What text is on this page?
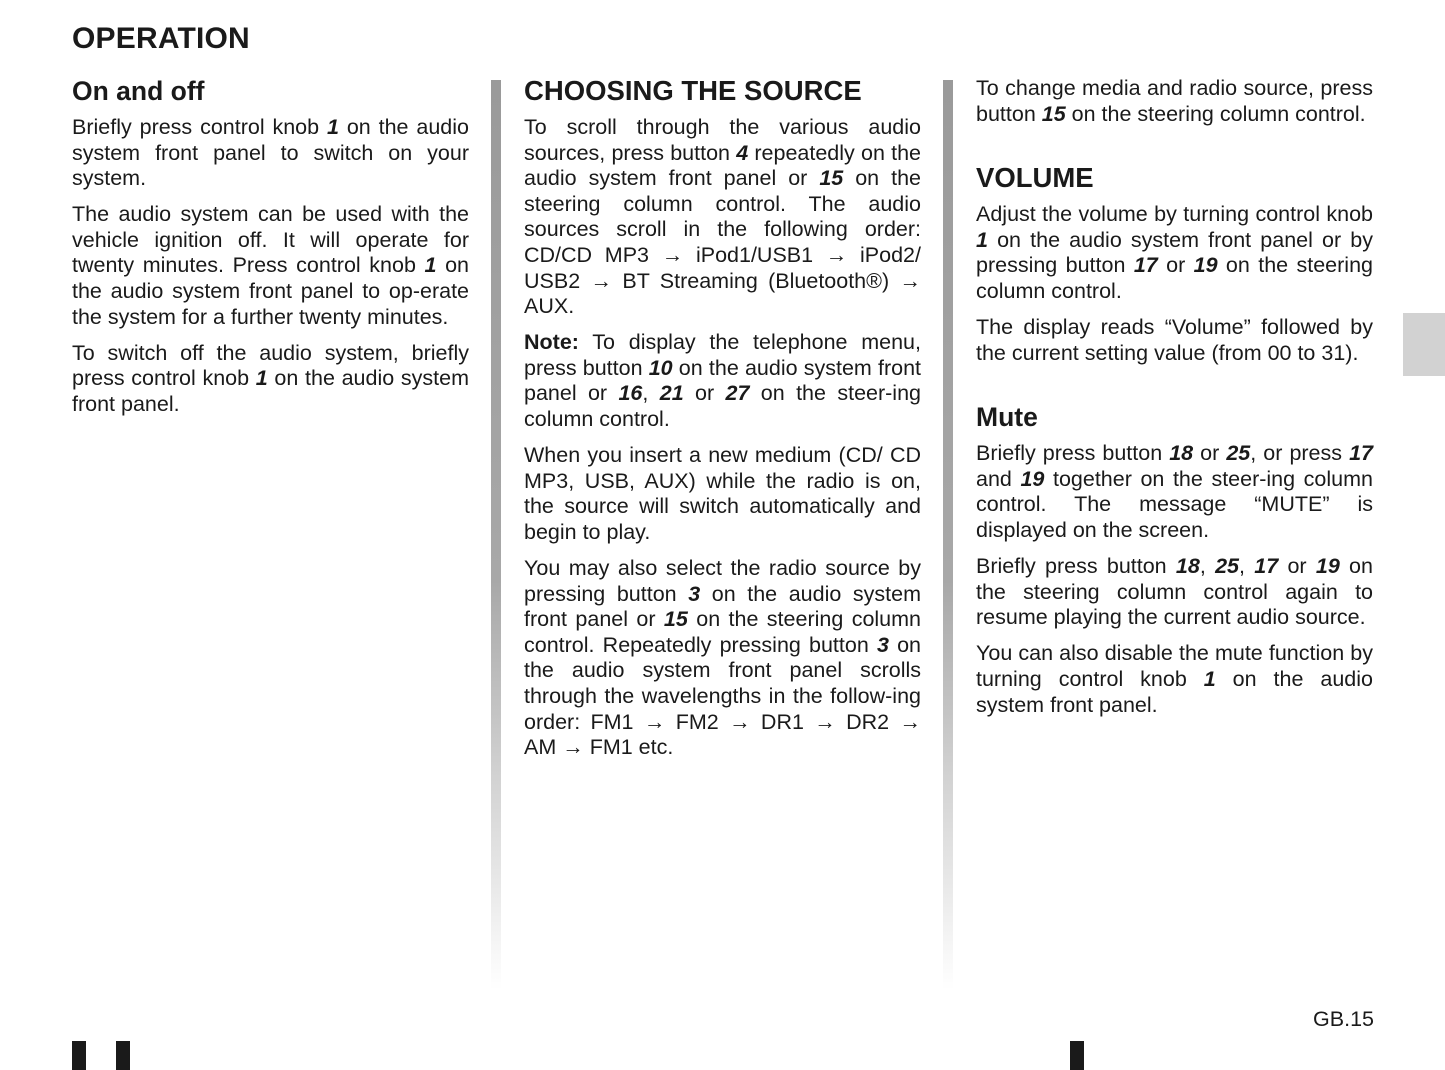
OPERATION
On and off

Briefly press control knob 1 on the audio system front panel to switch on your system.

The audio system can be used with the vehicle ignition off. It will operate for twenty minutes. Press control knob 1 on the audio system front panel to op-erate the system for a further twenty minutes.

To switch off the audio system, briefly press control knob 1 on the audio system front panel.

CHOOSING THE SOURCE

To scroll through the various audio sources, press button 4 repeatedly on the audio system front panel or 15 on the steering column control. The audio sources scroll in the following order: CD/CD MP3 → iPod1/USB1 → iPod2/ USB2 → BT Streaming (Bluetooth®) → AUX.

Note: To display the telephone menu, press button 10 on the audio system front panel or 16, 21 or 27 on the steer-ing column control.

When you insert a new medium (CD/ CD MP3, USB, AUX) while the radio is on, the source will switch automatically and begin to play.

You may also select the radio source by pressing button 3 on the audio system front panel or 15 on the steering column control. Repeatedly pressing button 3 on the audio system front panel scrolls through the wavelengths in the follow-ing order: FM1 → FM2 → DR1 → DR2 → AM → FM1 etc.

To change media and radio source, press button 15 on the steering column control.

VOLUME

Adjust the volume by turning control knob 1 on the audio system front panel or by pressing button 17 or 19 on the steering column control.

The display reads “Volume” followed by the current setting value (from 00 to 31).

Mute

Briefly press button 18 or 25, or press 17 and 19 together on the steer-ing column control. The message “MUTE” is displayed on the screen.

Briefly press button 18, 25, 17 or 19 on the steering column control again to resume playing the current audio source.

You can also disable the mute function by turning control knob 1 on the audio system front panel.

GB.15
